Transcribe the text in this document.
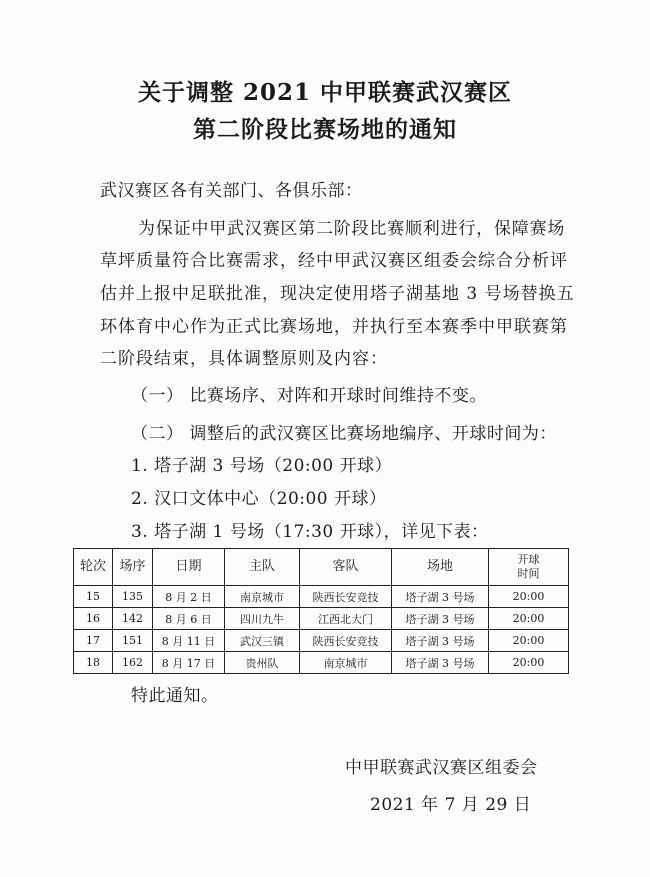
关于调整 2021 中甲联赛武汉赛区
第二阶段比赛场地的通知
武汉赛区各有关部门、各俱乐部：
为保证中甲武汉赛区第二阶段比赛顺利进行，保障赛场
草坪质量符合比赛需求，经中甲武汉赛区组委会综合分析评
估并上报中足联批准，现决定使用塔子湖基地 3 号场替换五
环体育中心作为正式比赛场地，并执行至本赛季中甲联赛第
二阶段结束，具体调整原则及内容：
（一） 比赛场序、对阵和开球时间维持不变。
（二） 调整后的武汉赛区比赛场地编序、开球时间为：
1. 塔子湖 3 号场（20:00 开球）
2. 汉口文体中心（20:00 开球）
3. 塔子湖 1 号场（17:30 开球），详见下表：
轮次	场序	日期	主队	客队	场地	开球
时间
15	135	8 月 2 日	南京城市	陕西长安竞技	塔子湖 3 号场	20:00
16	142	8 月 6 日	四川九牛	江西北大门	塔子湖 3 号场	20:00
17	151	8 月 11 日	武汉三镇	陕西长安竞技	塔子湖 3 号场	20:00
18	162	8 月 17 日	贵州队	南京城市	塔子湖 3 号场	20:00
特此通知。
中甲联赛武汉赛区组委会
2021 年 7 月 29 日
